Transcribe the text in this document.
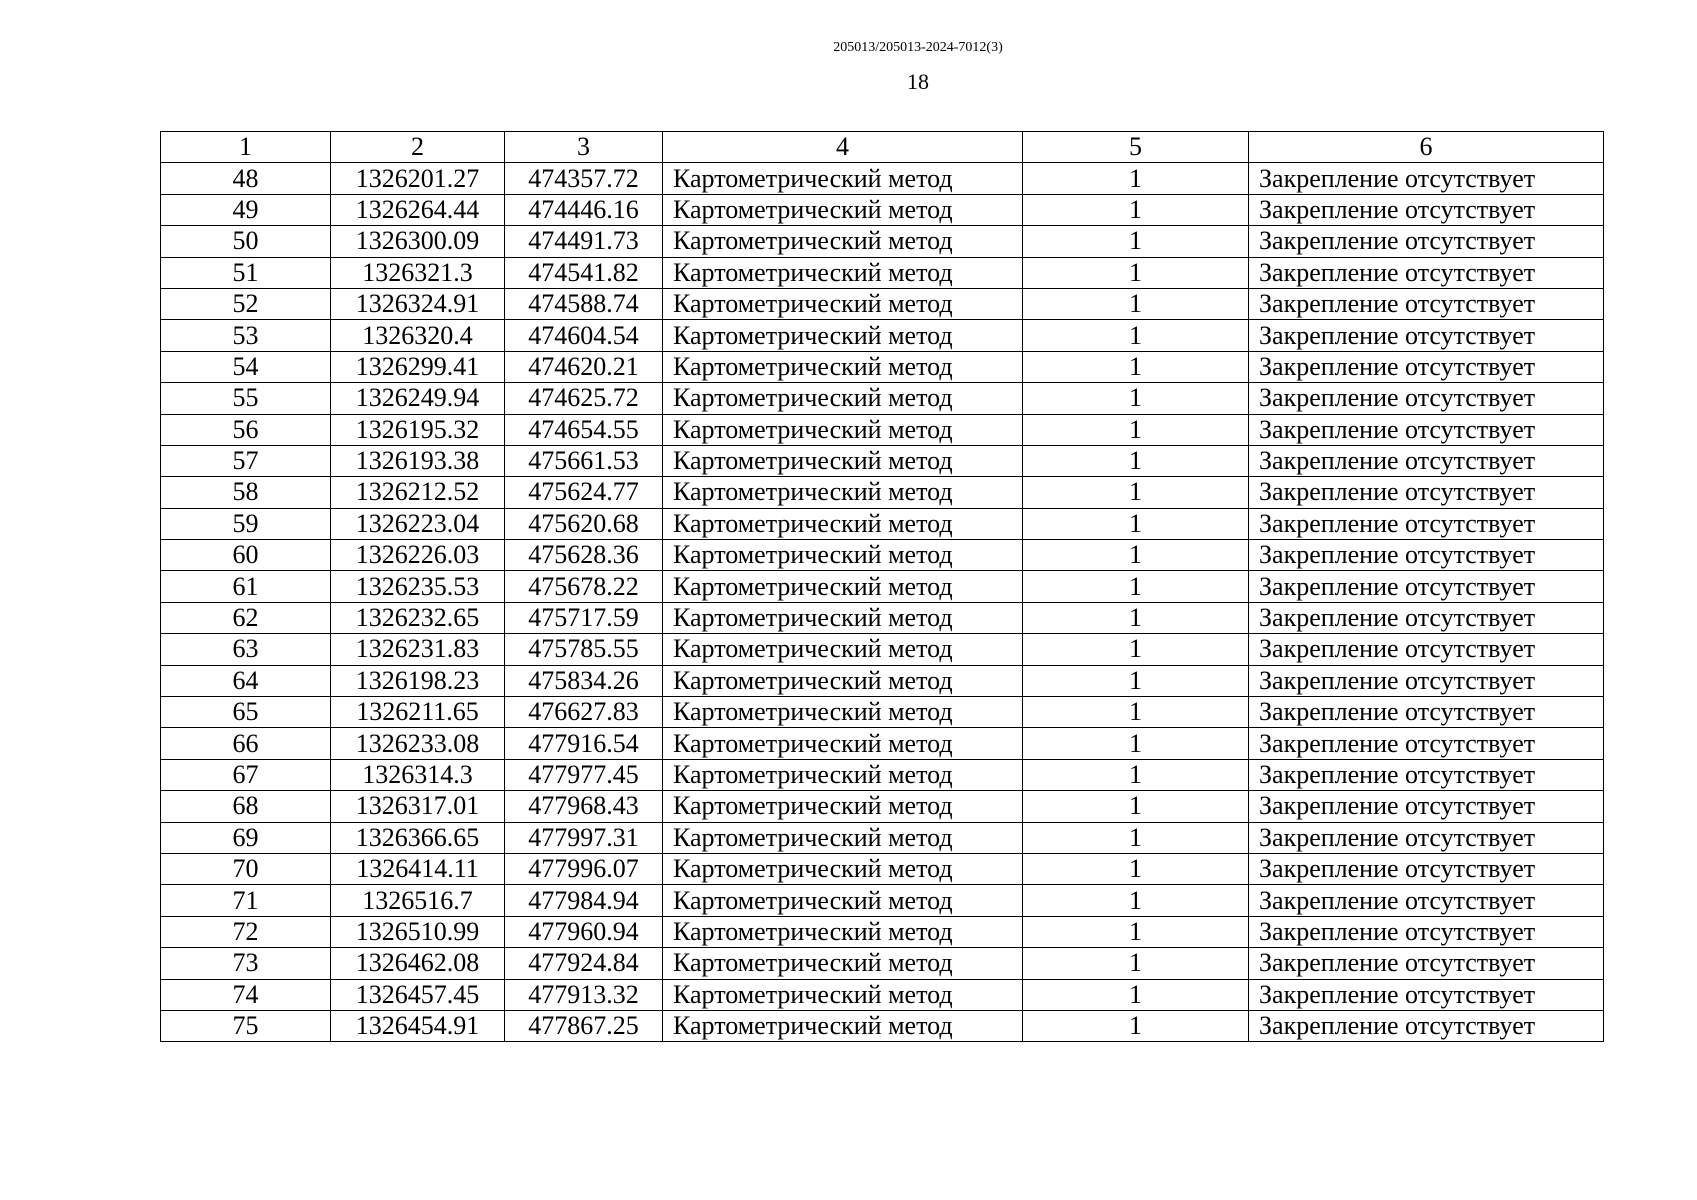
205013/205013-2024-7012(3)
18
1	2	3	4	5	6
48	1326201.27	474357.72	Картометрический метод	1	Закрепление отсутствует
49	1326264.44	474446.16	Картометрический метод	1	Закрепление отсутствует
50	1326300.09	474491.73	Картометрический метод	1	Закрепление отсутствует
51	1326321.3	474541.82	Картометрический метод	1	Закрепление отсутствует
52	1326324.91	474588.74	Картометрический метод	1	Закрепление отсутствует
53	1326320.4	474604.54	Картометрический метод	1	Закрепление отсутствует
54	1326299.41	474620.21	Картометрический метод	1	Закрепление отсутствует
55	1326249.94	474625.72	Картометрический метод	1	Закрепление отсутствует
56	1326195.32	474654.55	Картометрический метод	1	Закрепление отсутствует
57	1326193.38	475661.53	Картометрический метод	1	Закрепление отсутствует
58	1326212.52	475624.77	Картометрический метод	1	Закрепление отсутствует
59	1326223.04	475620.68	Картометрический метод	1	Закрепление отсутствует
60	1326226.03	475628.36	Картометрический метод	1	Закрепление отсутствует
61	1326235.53	475678.22	Картометрический метод	1	Закрепление отсутствует
62	1326232.65	475717.59	Картометрический метод	1	Закрепление отсутствует
63	1326231.83	475785.55	Картометрический метод	1	Закрепление отсутствует
64	1326198.23	475834.26	Картометрический метод	1	Закрепление отсутствует
65	1326211.65	476627.83	Картометрический метод	1	Закрепление отсутствует
66	1326233.08	477916.54	Картометрический метод	1	Закрепление отсутствует
67	1326314.3	477977.45	Картометрический метод	1	Закрепление отсутствует
68	1326317.01	477968.43	Картометрический метод	1	Закрепление отсутствует
69	1326366.65	477997.31	Картометрический метод	1	Закрепление отсутствует
70	1326414.11	477996.07	Картометрический метод	1	Закрепление отсутствует
71	1326516.7	477984.94	Картометрический метод	1	Закрепление отсутствует
72	1326510.99	477960.94	Картометрический метод	1	Закрепление отсутствует
73	1326462.08	477924.84	Картометрический метод	1	Закрепление отсутствует
74	1326457.45	477913.32	Картометрический метод	1	Закрепление отсутствует
75	1326454.91	477867.25	Картометрический метод	1	Закрепление отсутствует
